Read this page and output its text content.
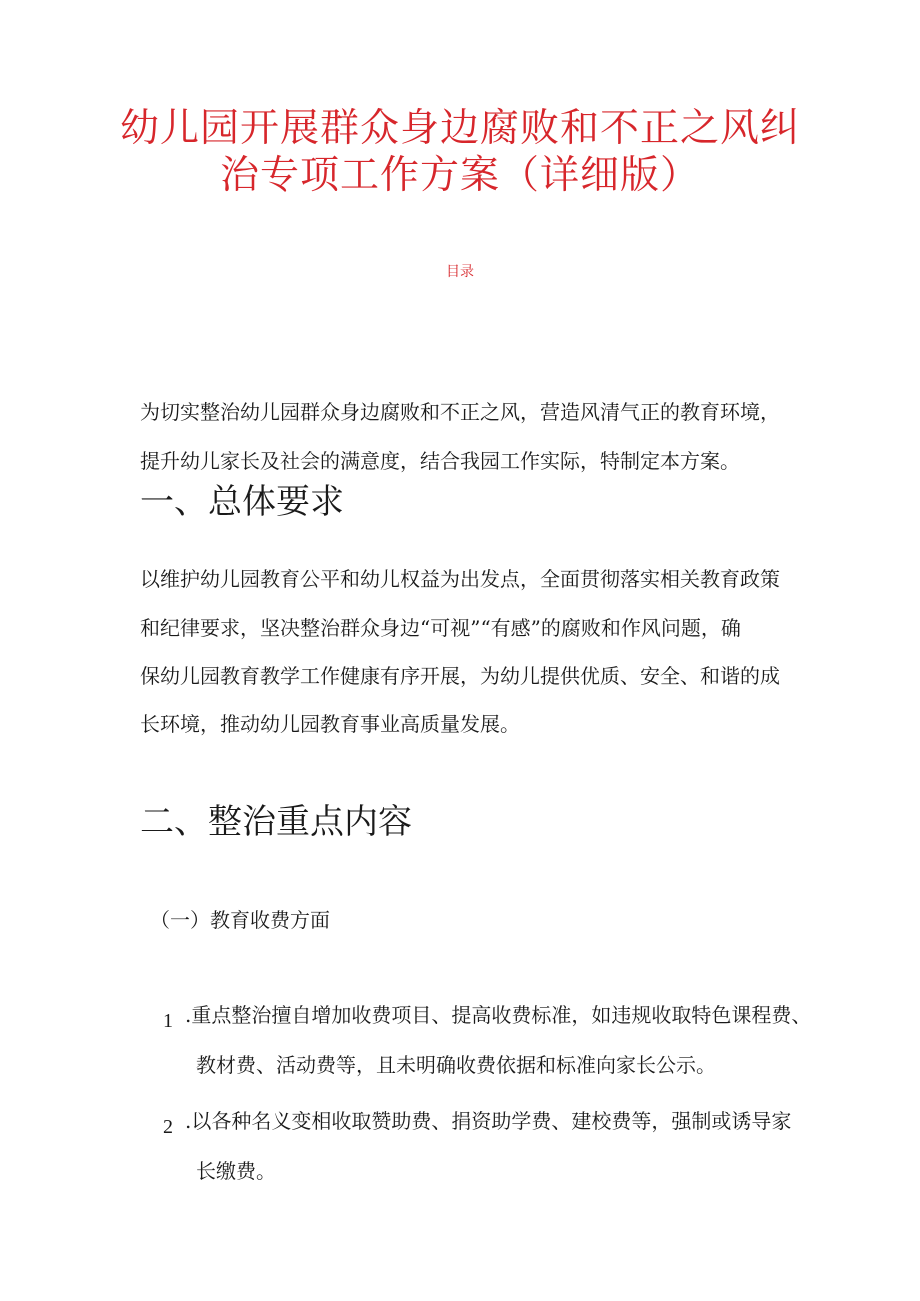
幼儿园开展群众身边腐败和不正之风纠
治专项工作方案（详细版）
目录
为切实整治幼儿园群众身边腐败和不正之风，营造风清气正的教育环境，
提升幼儿家长及社会的满意度，结合我园工作实际，特制定本方案。
一、总体要求
以维护幼儿园教育公平和幼儿权益为出发点，全面贯彻落实相关教育政策
和纪律要求，坚决整治群众身边“可视”“有感”的腐败和作风问题，确
保幼儿园教育教学工作健康有序开展，为幼儿提供优质、安全、和谐的成
长环境，推动幼儿园教育事业高质量发展。
二、整治重点内容
（一）教育收费方面
1 .重点整治擅自增加收费项目、提高收费标准，如违规收取特色课程费、
教材费、活动费等，且未明确收费依据和标准向家长公示。
2 .以各种名义变相收取赞助费、捐资助学费、建校费等，强制或诱导家
长缴费。
